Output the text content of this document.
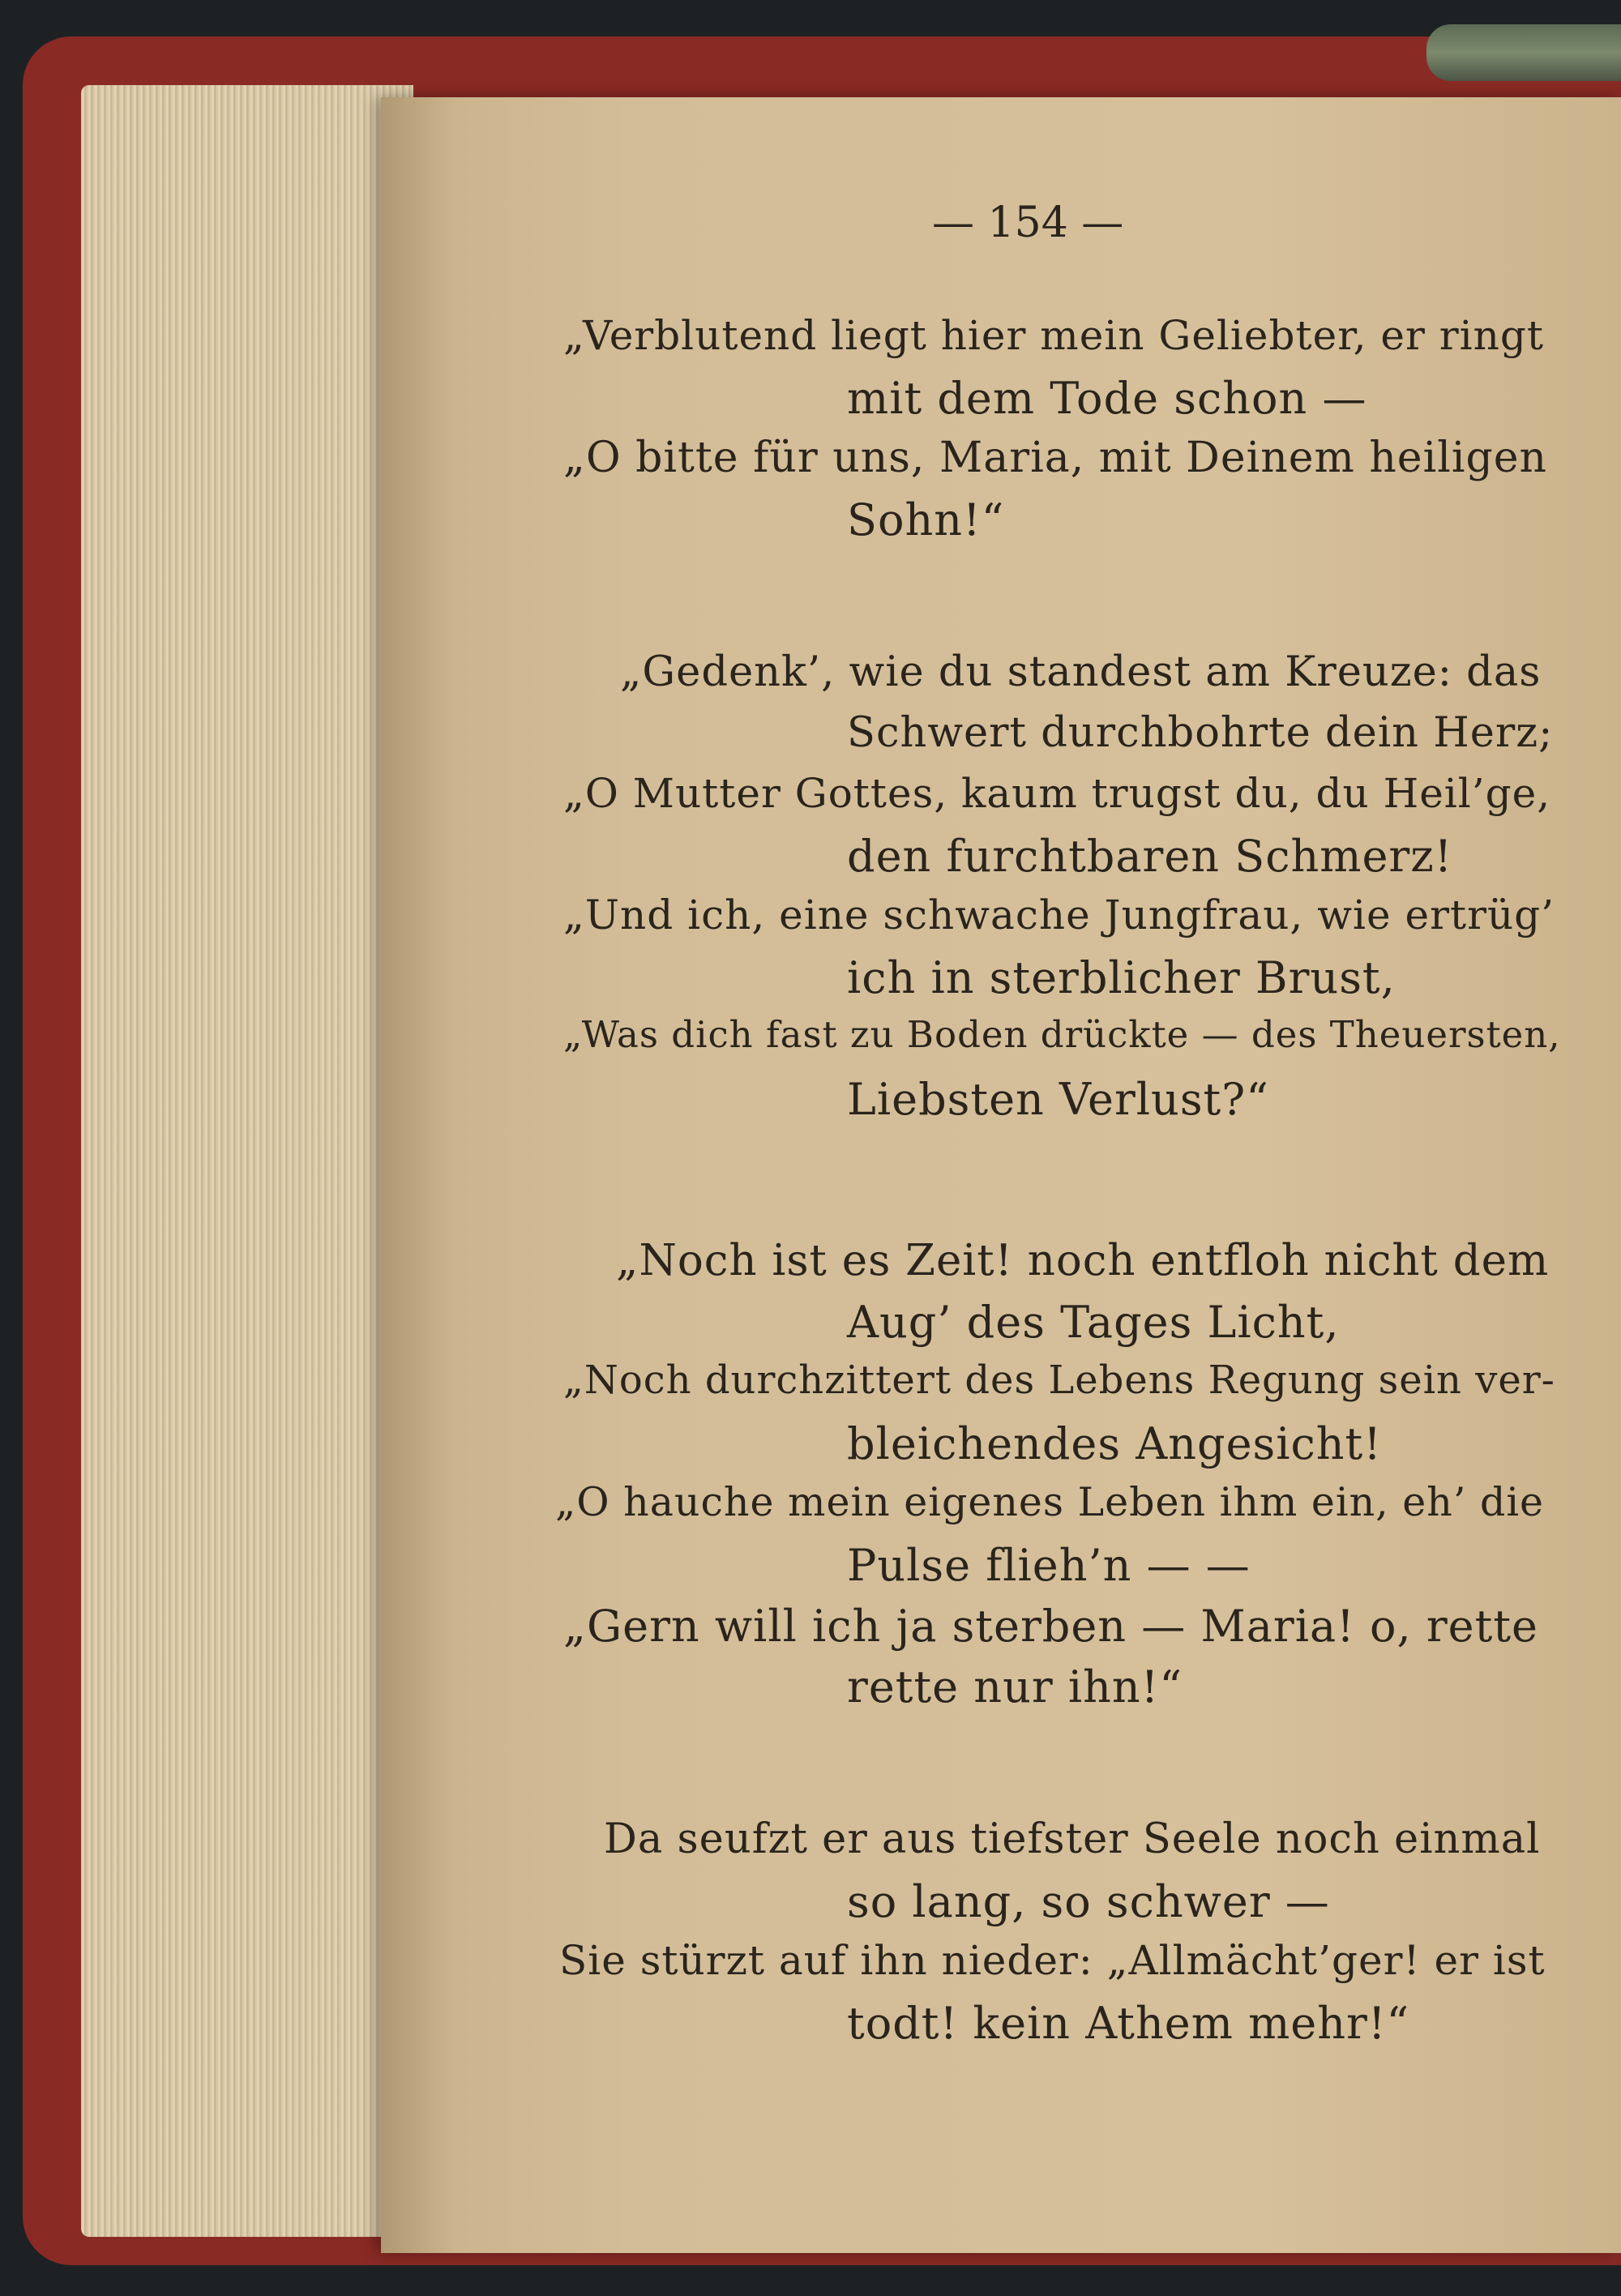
— 154 —
„Verblutend liegt hier mein Geliebter, er ringt
mit dem Tode schon —
„O bitte für uns, Maria, mit Deinem heiligen
Sohn!“
„Gedenk’, wie du standest am Kreuze: das
Schwert durchbohrte dein Herz;
„O Mutter Gottes, kaum trugst du, du Heil’ge,
den furchtbaren Schmerz!
„Und ich, eine schwache Jungfrau, wie ertrüg’
ich in sterblicher Brust,
„Was dich fast zu Boden drückte — des Theuersten,
Liebsten Verlust?“
„Noch ist es Zeit! noch entfloh nicht dem
Aug’ des Tages Licht,
„Noch durchzittert des Lebens Regung sein ver-
bleichendes Angesicht!
„O hauche mein eigenes Leben ihm ein, eh’ die
Pulse flieh’n — —
„Gern will ich ja sterben — Maria! o, rette
rette nur ihn!“
Da seufzt er aus tiefster Seele noch einmal
so lang, so schwer —
Sie stürzt auf ihn nieder: „Allmächt’ger! er ist
todt! kein Athem mehr!“
